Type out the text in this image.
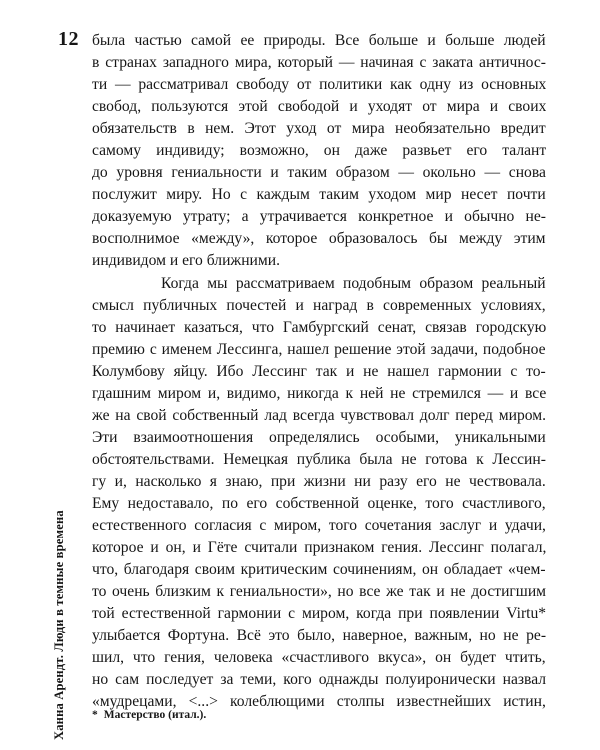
12
Ханна Арендт. Люди в темные времена
была частью самой ее природы. Все больше и больше людей
в странах западного мира, который — начиная с заката античнос-
ти — рассматривал свободу от политики как одну из основных
свобод, пользуются этой свободой и уходят от мира и своих
обязательств в нем. Этот уход от мира необязательно вредит
самому индивиду; возможно, он даже развьет его талант
до уровня гениальности и таким образом — окольно — снова
послужит миру. Но с каждым таким уходом мир несет почти
доказуемую утрату; а утрачивается конкретное и обычно не-
восполнимое «между», которое образовалось бы между этим
индивидом и его ближними.
Когда мы рассматриваем подобным образом реальный
смысл публичных почестей и наград в современных условиях,
то начинает казаться, что Гамбургский сенат, связав городскую
премию с именем Лессинга, нашел решение этой задачи, подобное
Колумбову яйцу. Ибо Лессинг так и не нашел гармонии с то-
гдашним миром и, видимо, никогда к ней не стремился — и все
же на свой собственный лад всегда чувствовал долг перед миром.
Эти взаимоотношения определялись особыми, уникальными
обстоятельствами. Немецкая публика была не готова к Лессин-
гу и, насколько я знаю, при жизни ни разу его не чествовала.
Ему недоставало, по его собственной оценке, того счастливого,
естественного согласия с миром, того сочетания заслуг и удачи,
которое и он, и Гёте считали признаком гения. Лессинг полагал,
что, благодаря своим критическим сочинениям, он обладает «чем-
то очень близким к гениальности», но все же так и не достигшим
той естественной гармонии с миром, когда при появлении Virtu*
улыбается Фортуна. Всё это было, наверное, важным, но не ре-
шил, что гения, человека «счастливого вкуса», он будет чтить,
но сам последует за теми, кого однажды полуиронически назвал
«мудрецами, <...> колеблющими столпы известнейших истин,
* Мастерство (итал.).
